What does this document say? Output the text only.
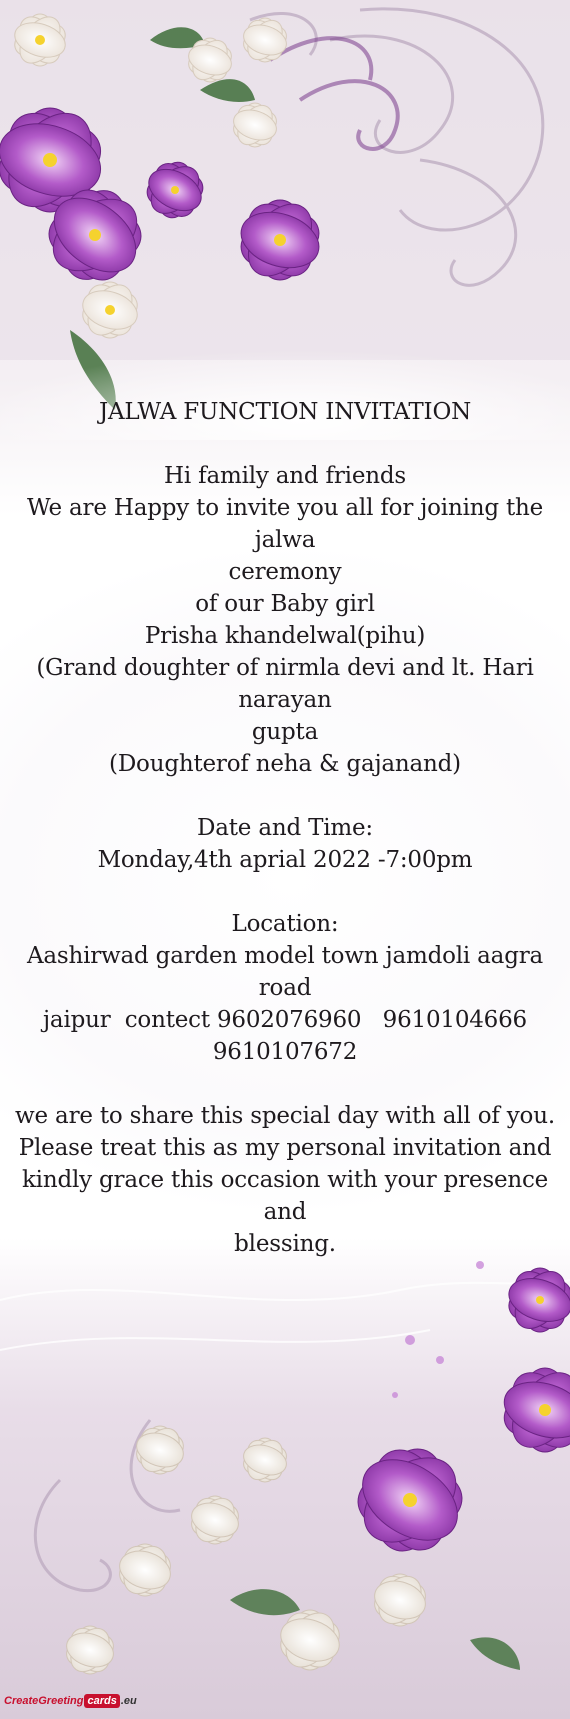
JALWA FUNCTION INVITATION
Hi family and friends
We are Happy to invite you all for joining the jalwa
ceremony
of our Baby girl
Prisha khandelwal(pihu)
(Grand doughter of nirmla devi and lt. Hari narayan
gupta
(Doughterof neha & gajanand)
Date and Time:
Monday,4th aprial 2022 -7:00pm
Location:
Aashirwad garden model town jamdoli aagra road
jaipur  contect 9602076960   9610104666
9610107672
we are to share this special day with all of you.
Please treat this as my personal invitation and
kindly grace this occasion with your presence and
blessing.
CreateGreeting cards .eu
